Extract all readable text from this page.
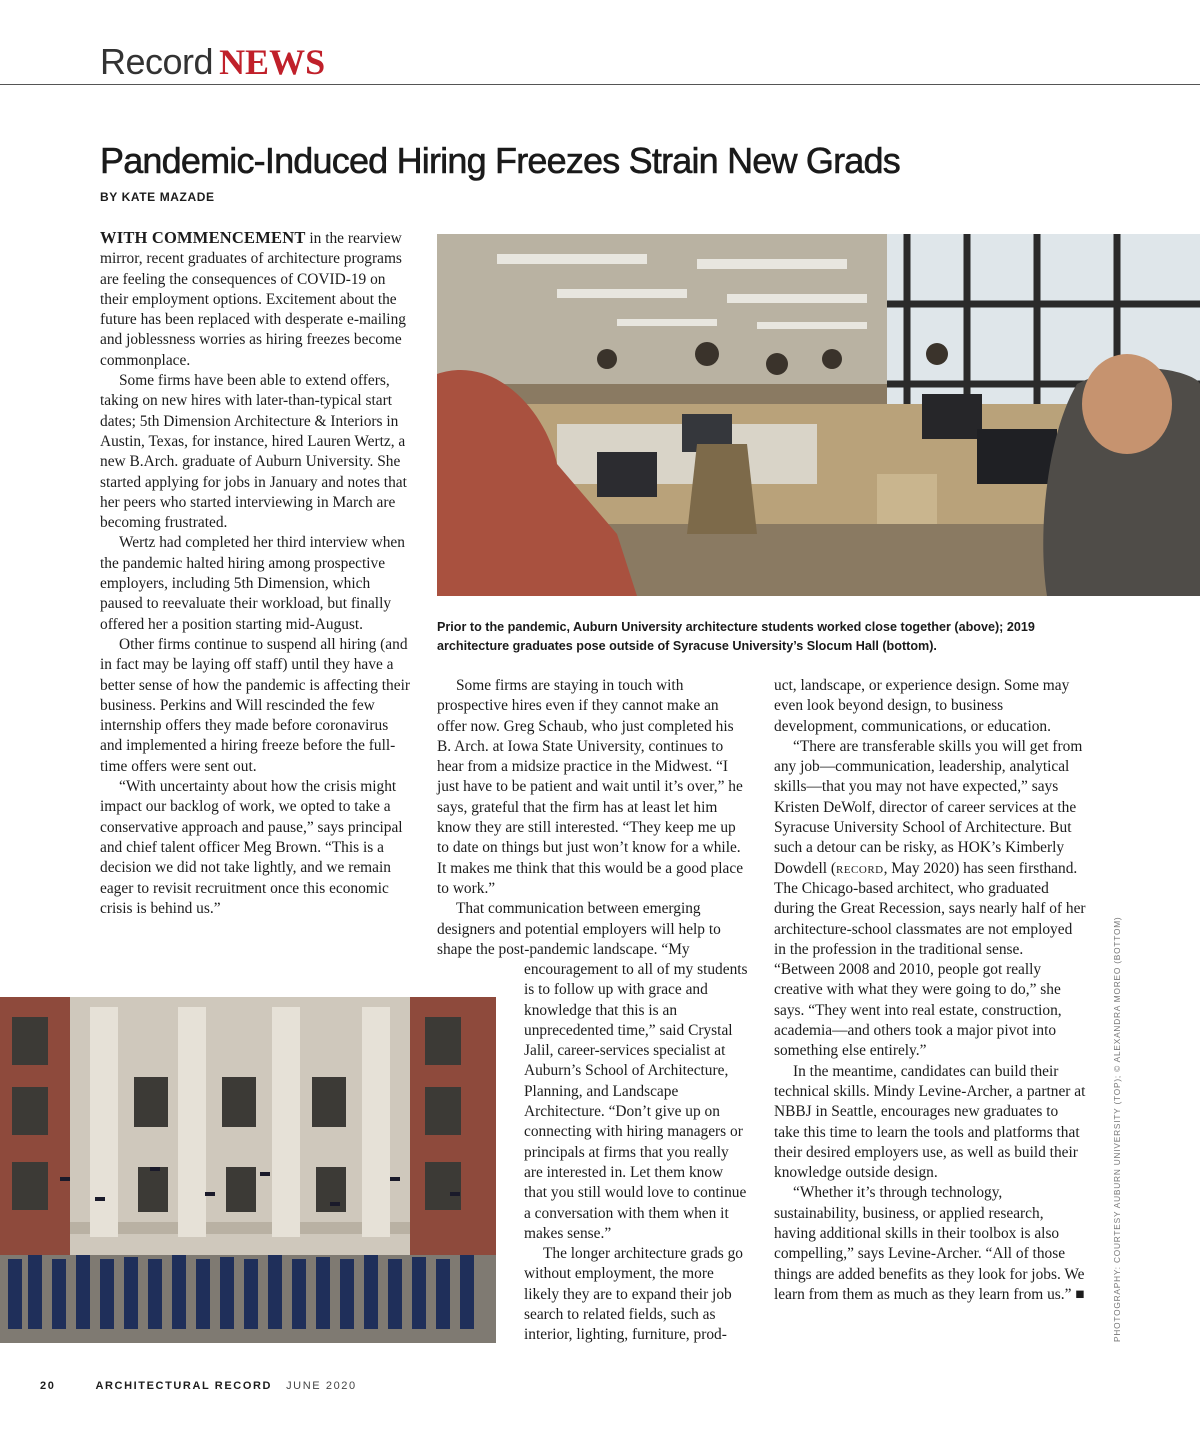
Record NEWS
Pandemic-Induced Hiring Freezes Strain New Grads
BY KATE MAZADE

WITH COMMENCEMENT in the rearview mirror, recent graduates of architecture programs are feeling the consequences of COVID-19 on their employment options. Excitement about the future has been replaced with desperate e-mailing and joblessness worries as hiring freezes become commonplace.

Some firms have been able to extend offers, taking on new hires with later-than-typical start dates; 5th Dimension Architecture & Interiors in Austin, Texas, for instance, hired Lauren Wertz, a new B.Arch. graduate of Auburn University. She started applying for jobs in January and notes that her peers who started interviewing in March are becoming frustrated.

Wertz had completed her third interview when the pandemic halted hiring among prospective employers, including 5th Dimension, which paused to reevaluate their workload, but finally offered her a position starting mid-August.

Other firms continue to suspend all hiring (and in fact may be laying off staff) until they have a better sense of how the pandemic is affecting their business. Perkins and Will rescinded the few internship offers they made before coronavirus and implemented a hiring freeze before the full-time offers were sent out.

“With uncertainty about how the crisis might impact our backlog of work, we opted to take a conservative approach and pause,” says principal and chief talent officer Meg Brown. “This is a decision we did not take lightly, and we remain eager to revisit recruitment once this economic crisis is behind us.”

Prior to the pandemic, Auburn University architecture students worked close together (above); 2019 architecture graduates pose outside of Syracuse University’s Slocum Hall (bottom).

Some firms are staying in touch with prospective hires even if they cannot make an offer now. Greg Schaub, who just completed his B. Arch. at Iowa State University, continues to hear from a midsize practice in the Midwest. “I just have to be patient and wait until it’s over,” he says, grateful that the firm has at least let him know they are still interested. “They keep me up to date on things but just won’t know for a while. It makes me think that this would be a good place to work.”

That communication between emerging designers and potential employers will help to shape the post-pandemic landscape. “My

encouragement to all of my students is to follow up with grace and knowledge that this is an unprecedented time,” said Crystal Jalil, career-services specialist at Auburn’s School of Architecture, Planning, and Landscape Architecture. “Don’t give up on connecting with hiring managers or principals at firms that you really are interested in. Let them know that you still would love to continue a conversation with them when it makes sense.”

The longer architecture grads go without employment, the more likely they are to expand their job search to related fields, such as interior, lighting, furniture, prod-

uct, landscape, or experience design. Some may even look beyond design, to business development, communications, or education.

“There are transferable skills you will get from any job—communication, leadership, analytical skills—that you may not have expected,” says Kristen DeWolf, director of career services at the Syracuse University School of Architecture. But such a detour can be risky, as HOK’s Kimberly Dowdell (record, May 2020) has seen firsthand. The Chicago-based architect, who graduated during the Great Recession, says nearly half of her architecture-school classmates are not employed in the profession in the traditional sense. “Between 2008 and 2010, people got really creative with what they were going to do,” she says. “They went into real estate, construction, academia—and others took a major pivot into something else entirely.”

In the meantime, candidates can build their technical skills. Mindy Levine-Archer, a partner at NBBJ in Seattle, encourages new graduates to take this time to learn the tools and platforms that their desired employers use, as well as build their knowledge outside design.

“Whether it’s through technology, sustainability, business, or applied research, having additional skills in their toolbox is also compelling,” says Levine-Archer. “All of those things are added benefits as they look for jobs. We learn from them as much as they learn from us.” ■	PHOTOGRAPHY: COURTESY AUBURN UNIVERSITY (TOP); © ALEXANDRA MOREO (BOTTOM)
20	ARCHITECTURAL RECORD JUNE 2020
